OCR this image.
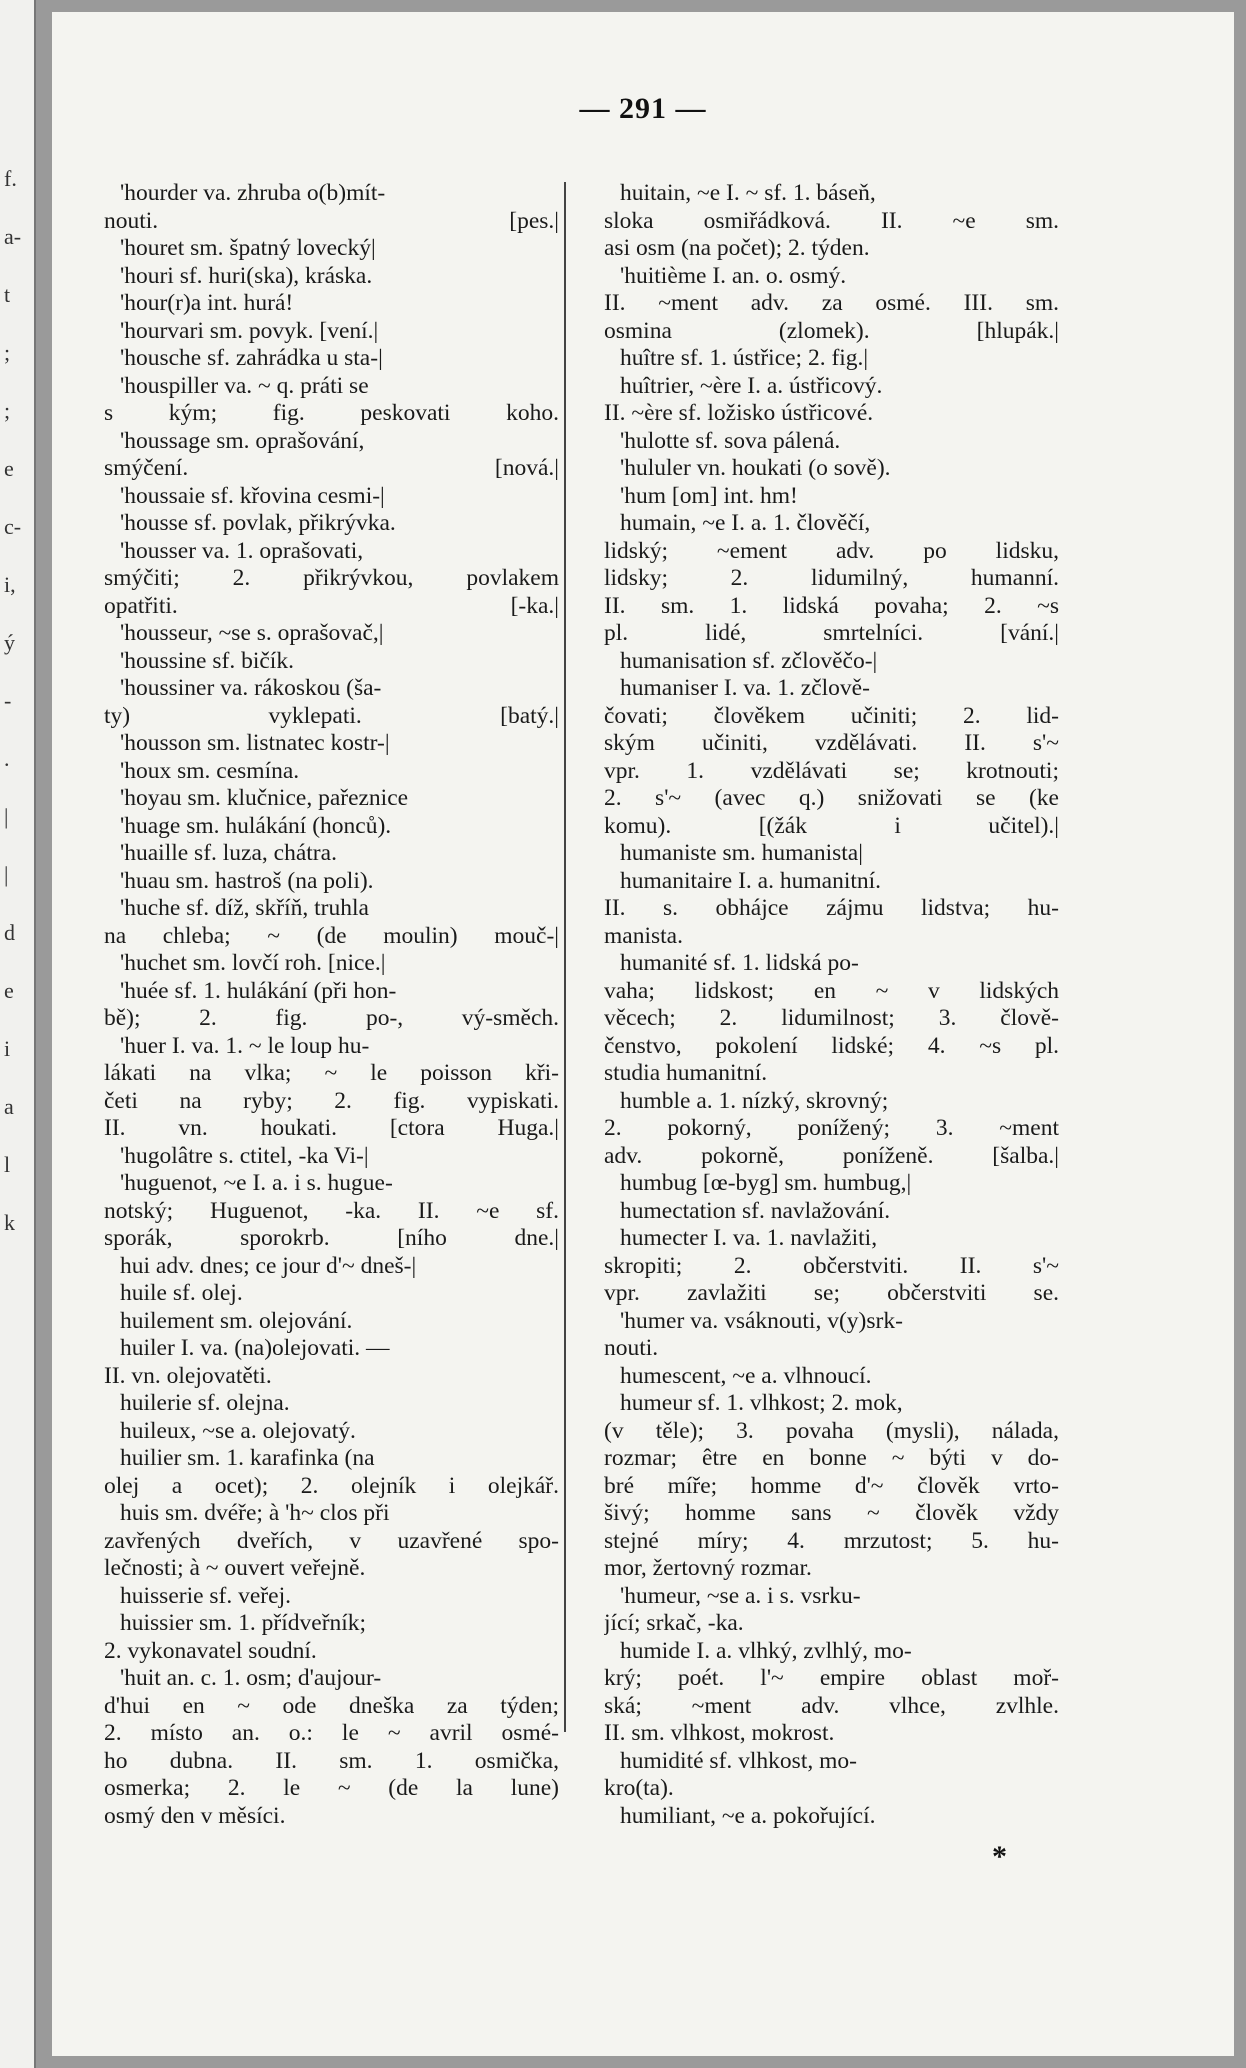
f.
a-
t
;
;
e
c-
i,
ý
-
.
|
|
d
e
i
a
l
k
— 291 —
'hourder va. zhruba o(b)mít-
nouti. [pes.|
'houret sm. špatný lovecký|
'houri sf. huri(ska), kráska.
'hour(r)a int. hurá!
'hourvari sm. povyk. [vení.|
'housche sf. zahrádka u sta-|
'houspiller va. ~ q. práti se
s kým; fig. peskovati koho.
'houssage sm. oprašování,
smýčení. [nová.|
'houssaie sf. křovina cesmi-|
'housse sf. povlak, přikrývka.
'housser va. 1. oprašovati,
smýčiti; 2. přikrývkou, povlakem
opatřiti. [-ka.|
'housseur, ~se s. oprašovač,|
'houssine sf. bičík.
'houssiner va. rákoskou (ša-
ty) vyklepati. [batý.|
'housson sm. listnatec kostr-|
'houx sm. cesmína.
'hoyau sm. klučnice, pařeznice
'huage sm. hulákání (honců).
'huaille sf. luza, chátra.
'huau sm. hastroš (na poli).
'huche sf. díž, skříň, truhla
na chleba; ~ (de moulin) mouč-|
'huchet sm. lovčí roh. [nice.|
'huée sf. 1. hulákání (při hon-
bě); 2. fig. po-, vý-směch.
'huer I. va. 1. ~ le loup hu-
lákati na vlka; ~ le poisson kři-
četi na ryby; 2. fig. vypiskati.
II. vn. houkati. [ctora Huga.|
'hugolâtre s. ctitel, -ka Vi-|
'huguenot, ~e I. a. i s. hugue-
notský; Huguenot, -ka. II. ~e sf.
sporák, sporokrb. [ního dne.|
hui adv. dnes; ce jour d'~ dneš-|
huile sf. olej.
huilement sm. olejování.
huiler I. va. (na)olejovati. —
II. vn. olejovatěti.
huilerie sf. olejna.
huileux, ~se a. olejovatý.
huilier sm. 1. karafinka (na
olej a ocet); 2. olejník i olejkář.
huis sm. dvéře; à 'h~ clos při
zavřených dveřích, v uzavřené spo-
lečnosti; à ~ ouvert veřejně.
huisserie sf. veřej.
huissier sm. 1. přídveřník;
2. vykonavatel soudní.
'huit an. c. 1. osm; d'aujour-
d'hui en ~ ode dneška za týden;
2. místo an. o.: le ~ avril osmé-
ho dubna. II. sm. 1. osmička,
osmerka; 2. le ~ (de la lune)
osmý den v měsíci.
huitain, ~e I. ~ sf. 1. báseň,
sloka osmiřádková. II. ~e sm.
asi osm (na počet); 2. týden.
'huitième I. an. o. osmý.
II. ~ment adv. za osmé. III. sm.
osmina (zlomek). [hlupák.|
huître sf. 1. ústřice; 2. fig.|
huîtrier, ~ère I. a. ústřicový.
II. ~ère sf. ložisko ústřicové.
'hulotte sf. sova pálená.
'hululer vn. houkati (o sově).
'hum [om] int. hm!
humain, ~e I. a. 1. člověčí,
lidský; ~ement adv. po lidsku,
lidsky; 2. lidumilný, humanní.
II. sm. 1. lidská povaha; 2. ~s
pl. lidé, smrtelníci. [vání.|
humanisation sf. zčlověčo-|
humaniser I. va. 1. zčlově-
čovati; člověkem učiniti; 2. lid-
ským učiniti, vzdělávati. II. s'~
vpr. 1. vzdělávati se; krotnouti;
2. s'~ (avec q.) snižovati se (ke
komu). [(žák i učitel).|
humaniste sm. humanista|
humanitaire I. a. humanitní.
II. s. obhájce zájmu lidstva; hu-
manista.
humanité sf. 1. lidská po-
vaha; lidskost; en ~ v lidských
věcech; 2. lidumilnost; 3. člově-
čenstvo, pokolení lidské; 4. ~s pl.
studia humanitní.
humble a. 1. nízký, skrovný;
2. pokorný, ponížený; 3. ~ment
adv. pokorně, poníženě. [šalba.|
humbug [œ-byg] sm. humbug,|
humectation sf. navlažování.
humecter I. va. 1. navlažiti,
skropiti; 2. občerstviti. II. s'~
vpr. zavlažiti se; občerstviti se.
'humer va. vsáknouti, v(y)srk-
nouti.
humescent, ~e a. vlhnoucí.
humeur sf. 1. vlhkost; 2. mok,
(v těle); 3. povaha (mysli), nálada,
rozmar; être en bonne ~ býti v do-
bré míře; homme d'~ člověk vrto-
šivý; homme sans ~ člověk vždy
stejné míry; 4. mrzutost; 5. hu-
mor, žertovný rozmar.
'humeur, ~se a. i s. vsrku-
jící; srkač, -ka.
humide I. a. vlhký, zvlhlý, mo-
krý; poét. l'~ empire oblast moř-
ská; ~ment adv. vlhce, zvlhle.
II. sm. vlhkost, mokrost.
humidité sf. vlhkost, mo-
kro(ta).
humiliant, ~e a. pokořující.
*
